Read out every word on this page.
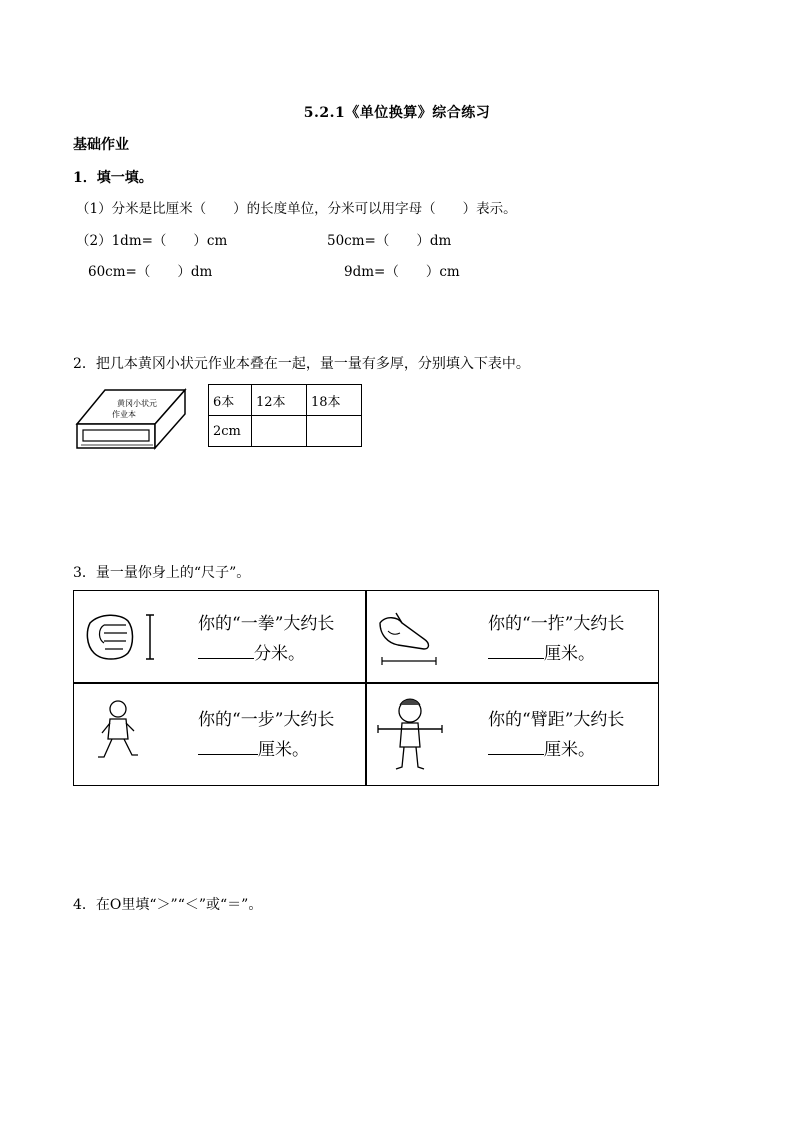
5.2.1《单位换算》综合练习
基础作业
1．填一填。
（1）分米是比厘米（　　）的长度单位，分米可以用字母（　　）表示。
（2）1dm=（　　）cm	50cm=（　　）dm
60cm=（　　）dm	9dm=（　　）cm
2．把几本黄冈小状元作业本叠在一起，量一量有多厚，分别填入下表中。
黄冈小状元
作业本
6本	12本	18本
2cm		
3．量一量你身上的“尺子”。
你的“一拳”大约长
分米。
你的“一拃”大约长
厘米。
你的“一步”大约长
厘米。
你的“臂距”大约长
厘米。
4．在O里填“＞”“＜”或“＝”。
